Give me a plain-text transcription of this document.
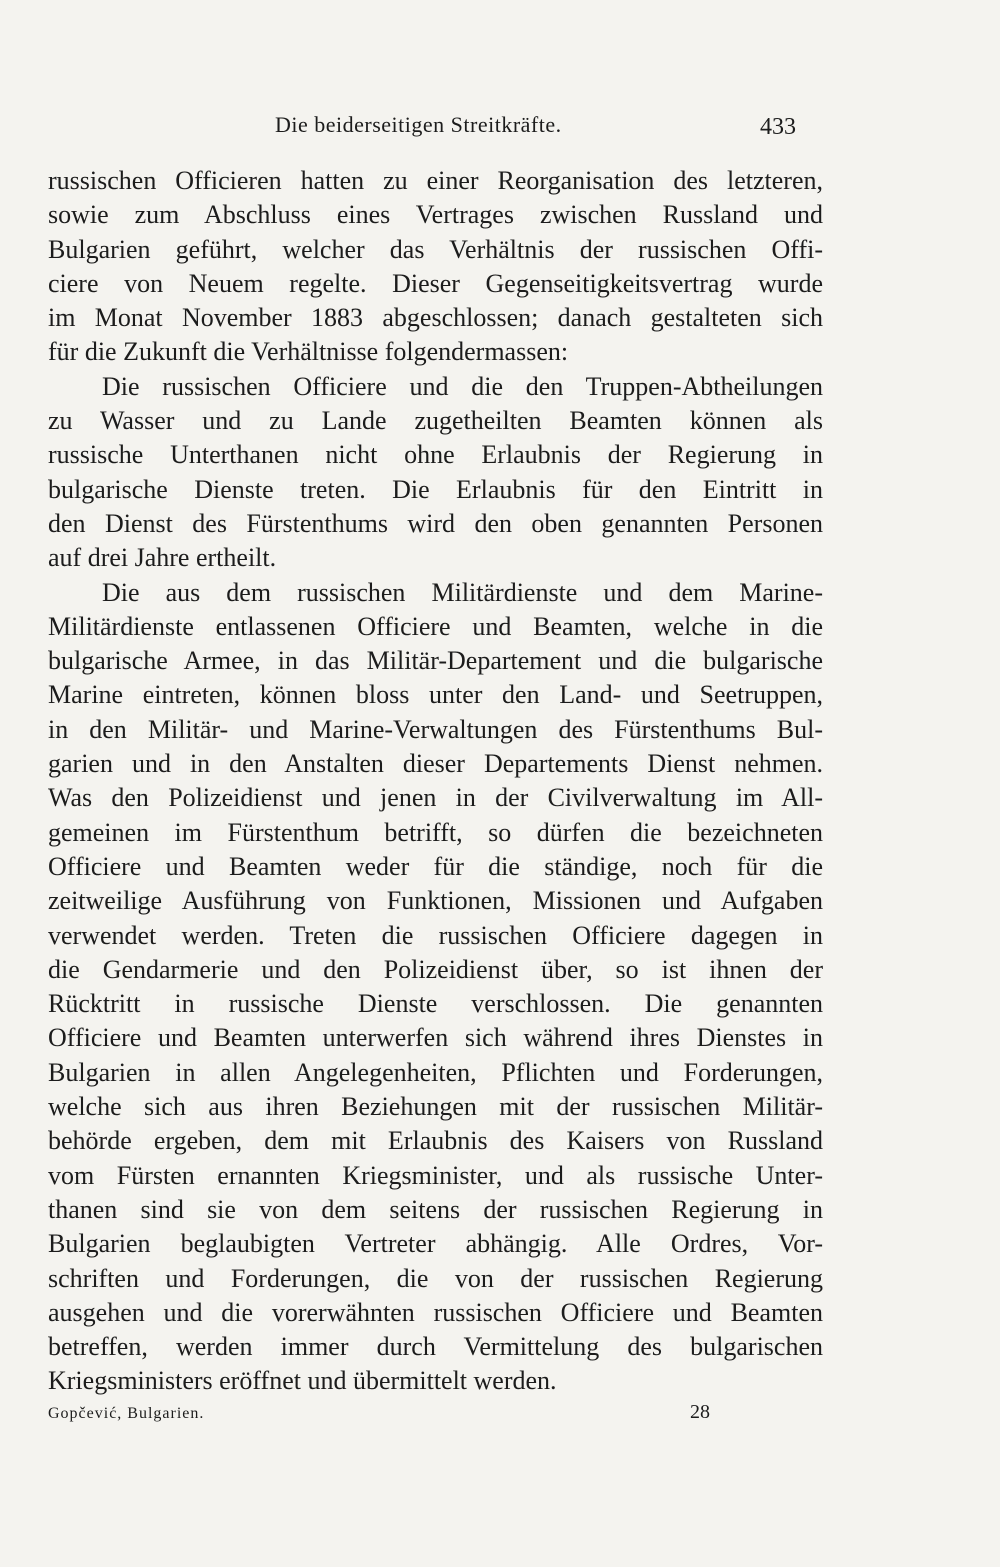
Die beiderseitigen Streitkräfte.	433
russischen Officieren hatten zu einer Reorganisation des letzteren,
sowie zum Abschluss eines Vertrages zwischen Russland und
Bulgarien geführt, welcher das Verhältnis der russischen Offi-
ciere von Neuem regelte. Dieser Gegenseitigkeitsvertrag wurde
im Monat November 1883 abgeschlossen; danach gestalteten sich
für die Zukunft die Verhältnisse folgendermassen:
Die russischen Officiere und die den Truppen-Abtheilungen
zu Wasser und zu Lande zugetheilten Beamten können als
russische Unterthanen nicht ohne Erlaubnis der Regierung in
bulgarische Dienste treten. Die Erlaubnis für den Eintritt in
den Dienst des Fürstenthums wird den oben genannten Personen
auf drei Jahre ertheilt.
Die aus dem russischen Militärdienste und dem Marine-
Militärdienste entlassenen Officiere und Beamten, welche in die
bulgarische Armee, in das Militär-Departement und die bulgarische
Marine eintreten, können bloss unter den Land- und Seetruppen,
in den Militär- und Marine-Verwaltungen des Fürstenthums Bul-
garien und in den Anstalten dieser Departements Dienst nehmen.
Was den Polizeidienst und jenen in der Civilverwaltung im All-
gemeinen im Fürstenthum betrifft, so dürfen die bezeichneten
Officiere und Beamten weder für die ständige, noch für die
zeitweilige Ausführung von Funktionen, Missionen und Aufgaben
verwendet werden. Treten die russischen Officiere dagegen in
die Gendarmerie und den Polizeidienst über, so ist ihnen der
Rücktritt in russische Dienste verschlossen. Die genannten
Officiere und Beamten unterwerfen sich während ihres Dienstes in
Bulgarien in allen Angelegenheiten, Pflichten und Forderungen,
welche sich aus ihren Beziehungen mit der russischen Militär-
behörde ergeben, dem mit Erlaubnis des Kaisers von Russland
vom Fürsten ernannten Kriegsminister, und als russische Unter-
thanen sind sie von dem seitens der russischen Regierung in
Bulgarien beglaubigten Vertreter abhängig. Alle Ordres, Vor-
schriften und Forderungen, die von der russischen Regierung
ausgehen und die vorerwähnten russischen Officiere und Beamten
betreffen, werden immer durch Vermittelung des bulgarischen
Kriegsministers eröffnet und übermittelt werden.
Gopčević, Bulgarien.	28
